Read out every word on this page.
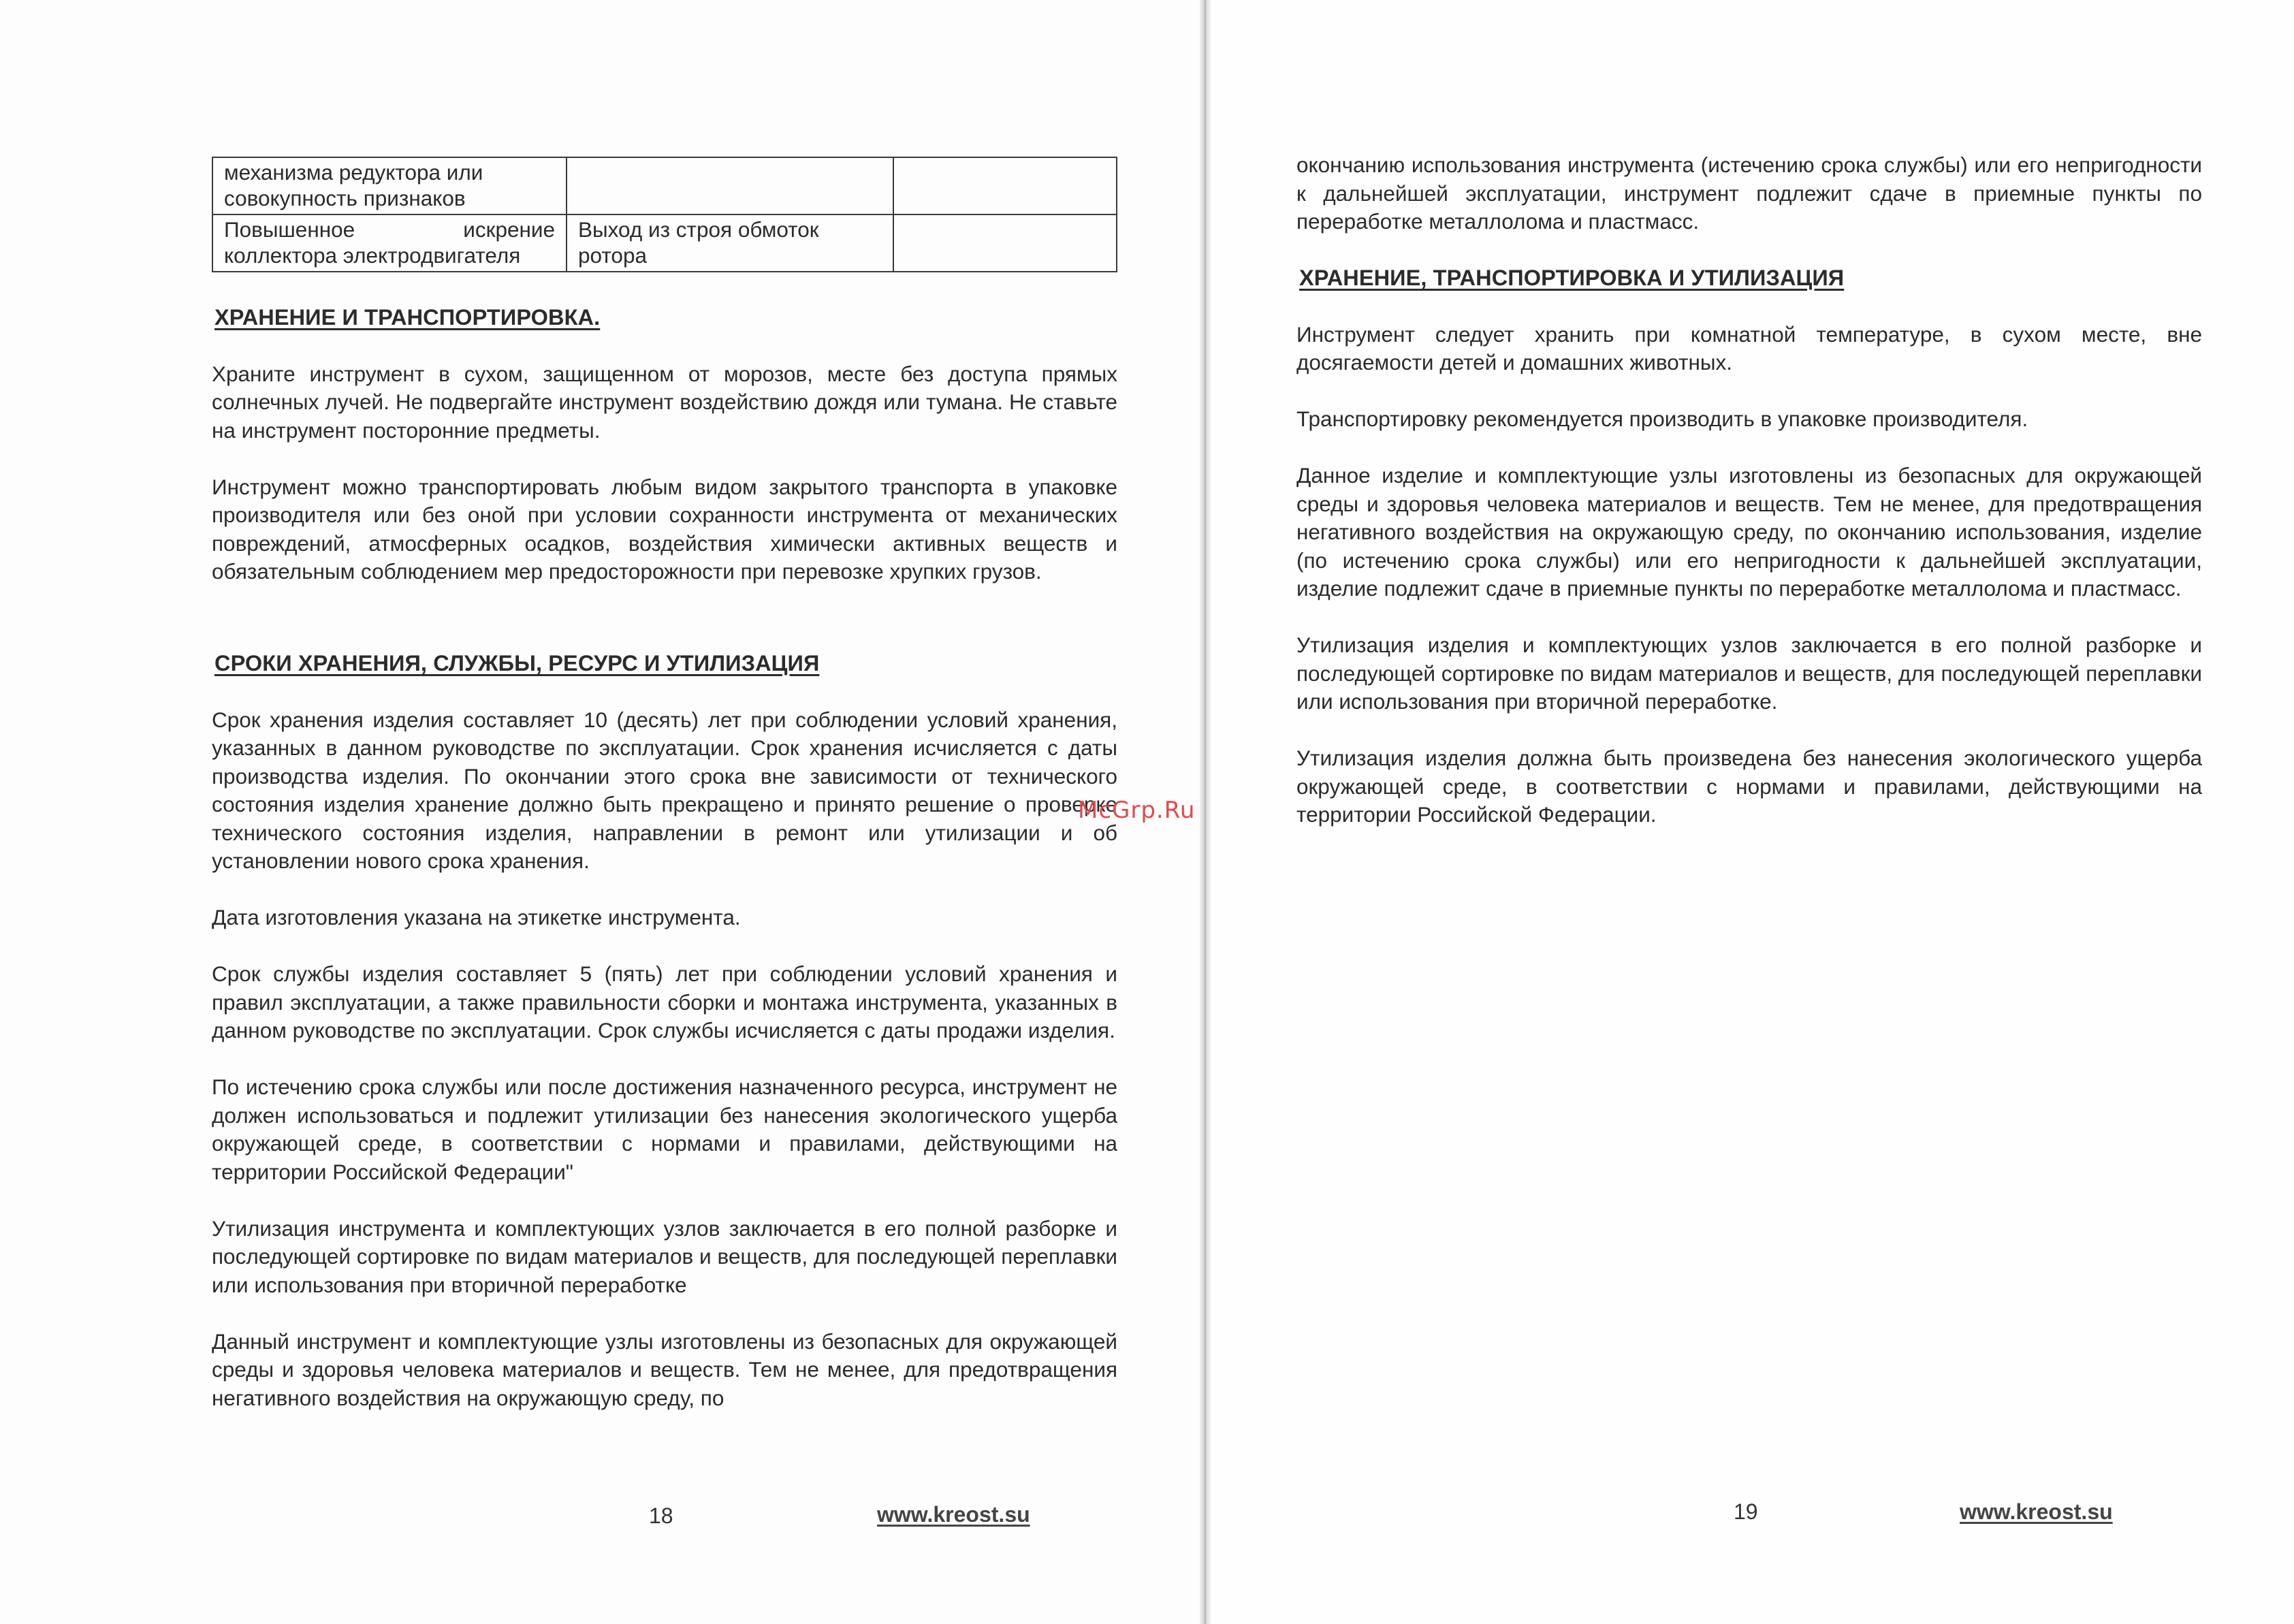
механизма редуктора или совокупность признаков		
Повышенное искрение коллектора электродвигателя	Выход из строя обмоток ротора	
ХРАНЕНИЕ И ТРАНСПОРТИРОВКА.

Храните инструмент в сухом, защищенном от морозов, месте без доступа прямых солнечных лучей. Не подвергайте инструмент воздействию дождя или тумана. Не ставьте на инструмент посторонние предметы.

Инструмент можно транспортировать любым видом закрытого транспорта в упаковке производителя или без оной при условии сохранности инструмента от механических повреждений, атмосферных осадков, воздействия химически активных веществ и обязательным соблюдением мер предосторожности при перевозке хрупких грузов.

СРОКИ ХРАНЕНИЯ, СЛУЖБЫ, РЕСУРС И УТИЛИЗАЦИЯ

Срок хранения изделия составляет 10 (десять) лет при соблюдении условий хранения, указанных в данном руководстве по эксплуатации. Срок хранения исчисляется с даты производства изделия. По окончании этого срока вне зависимости от технического состояния изделия хранение должно быть прекращено и принято решение о проверке технического состояния изделия, направлении в ремонт или утилизации и об установлении нового срока хранения.

Дата изготовления указана на этикетке инструмента.

Срок службы изделия составляет 5 (пять) лет при соблюдении условий хранения и правил эксплуатации, а также правильности сборки и монтажа инструмента, указанных в данном руководстве по эксплуатации. Срок службы исчисляется с даты продажи изделия.

По истечению срока службы или после достижения назначенного ресурса, инструмент не должен использоваться и подлежит утилизации без нанесения экологического ущерба окружающей среде, в соответствии с нормами и правилами, действующими на территории Российской Федерации"

Утилизация инструмента и комплектующих узлов заключается в его полной разборке и последующей сортировке по видам материалов и веществ, для последующей переплавки или использования при вторичной переработке

Данный инструмент и комплектующие узлы изготовлены из безопасных для окружающей среды и здоровья человека материалов и веществ. Тем не менее, для предотвращения негативного воздействия на окружающую среду, по

18	www.kreost.su

окончанию использования инструмента (истечению срока службы) или его непригодности к дальнейшей эксплуатации, инструмент подлежит сдаче в приемные пункты по переработке металлолома и пластмасс.

ХРАНЕНИЕ, ТРАНСПОРТИРОВКА И УТИЛИЗАЦИЯ

Инструмент следует хранить при комнатной температуре, в сухом месте, вне досягаемости детей и домашних животных.

Транспортировку рекомендуется производить в упаковке производителя.

Данное изделие и комплектующие узлы изготовлены из безопасных для окружающей среды и здоровья человека материалов и веществ. Тем не менее, для предотвращения негативного воздействия на окружающую среду, по окончанию использования, изделие (по истечению срока службы) или его непригодности к дальнейшей эксплуатации, изделие подлежит сдаче в приемные пункты по переработке металлолома и пластмасс.

Утилизация изделия и комплектующих узлов заключается в его полной разборке и последующей сортировке по видам материалов и веществ, для последующей переплавки или использования при вторичной переработке.

Утилизация изделия должна быть произведена без нанесения экологического ущерба окружающей среде, в соответствии с нормами и правилами, действующими на территории Российской Федерации.

19	www.kreost.su
McGrp.Ru
